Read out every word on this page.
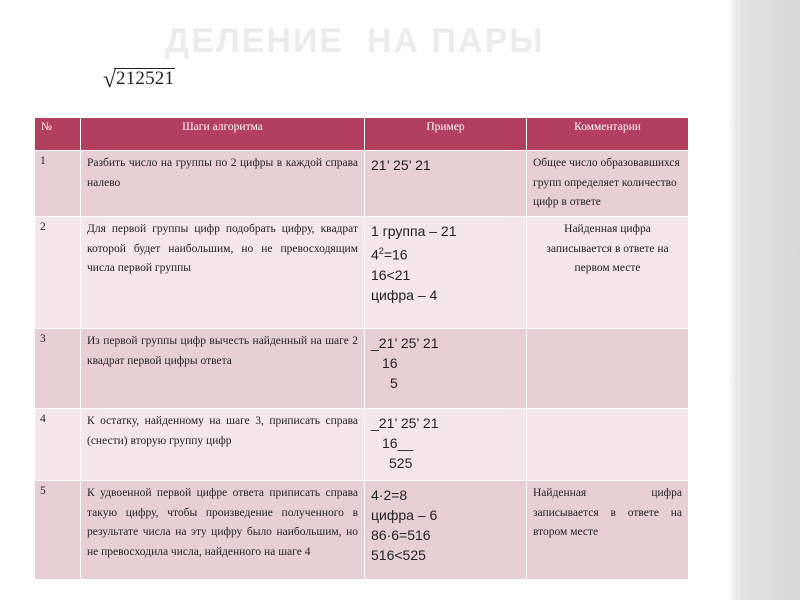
ДЕЛЕНИЕ  НА ПАРЫ
√ 212521
№	Шаги алгоритма	Пример	Комментарии
1	Разбить число на группы по 2 цифры в каждой справа налево	21’ 25’ 21	Общее число образовавшихся групп определяет количество цифр в ответе
2	Для первой группы цифр подобрать цифру, квадрат которой будет наибольшим, но не превосходящим числа первой группы	1 группа – 21
$4^2=16$
16<21
цифра – 4	Найденная цифра записывается в ответе на первом месте
3	Из первой группы цифр вычесть найденный на шаге 2 квадрат первой цифры ответа	_21’ 25’ 21
16
5	

4	К остатку, найденному на шаге 3, приписать справа (снести) вторую группу цифр	_21’ 25’ 21
16__
525	

5	К удвоенной первой цифре ответа приписать справа такую цифру, чтобы произведение полученного в результате числа на эту цифру было наибольшим, но не превосходила числа, найденного на шаге 4	4·2=8
цифра – 6
86·6=516
516<525	Найденная цифра записывается в ответе на втором месте
